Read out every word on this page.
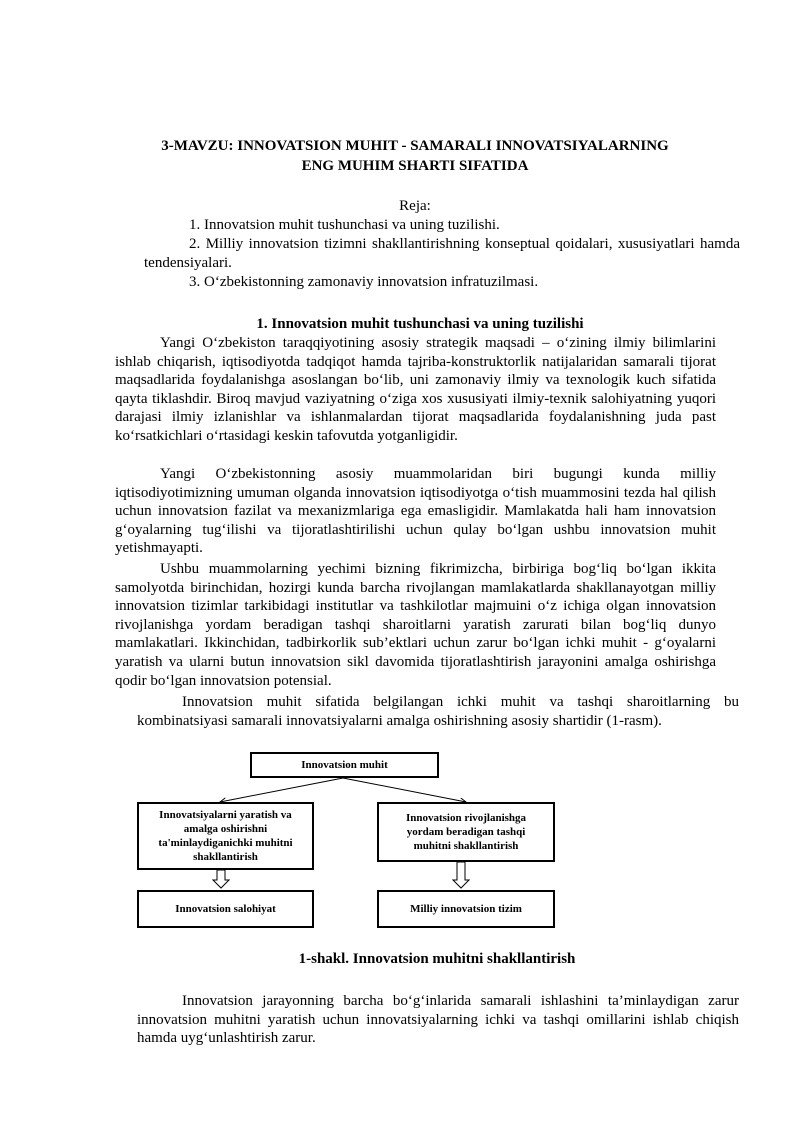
3-MAVZU: INNOVATSION MUHIT - SAMARALI INNOVATSIYALARNING
ENG MUHIM SHARTI SIFATIDA
Reja:
1. Innovatsion muhit tushunchasi va uning tuzilishi.
2. Milliy innovatsion tizimni shakllantirishning konseptual qoidalari, xususiyatlari hamda tendensiyalari.
3. O‘zbekistonning zamonaviy innovatsion infratuzilmasi.
1. Innovatsion muhit tushunchasi va uning tuzilishi

Yangi O‘zbekiston taraqqiyotining asosiy strategik maqsadi – o‘zining ilmiy bilimlarini ishlab chiqarish, iqtisodiyotda tadqiqot hamda tajriba-konstruktorlik natijalaridan samarali tijorat maqsadlarida foydalanishga asoslangan bo‘lib, uni zamonaviy ilmiy va texnologik kuch sifatida qayta tiklashdir. Biroq mavjud vaziyatning o‘ziga xos xususiyati ilmiy-texnik salohiyatning yuqori darajasi ilmiy izlanishlar va ishlanmalardan tijorat maqsadlarida foydalanishning juda past ko‘rsatkichlari o‘rtasidagi keskin tafovutda yotganligidir.

Yangi O‘zbekistonning asosiy muammolaridan biri bugungi kunda milliy iqtisodiyotimizning umuman olganda innovatsion iqtisodiyotga o‘tish muammosini tezda hal qilish uchun innovatsion fazilat va mexanizmlariga ega emasligidir. Mamlakatda hali ham innovatsion g‘oyalarning tug‘ilishi va tijoratlashtirilishi uchun qulay bo‘lgan ushbu innovatsion muhit yetishmayapti.

Ushbu muammolarning yechimi bizning fikrimizcha, birbiriga bog‘liq bo‘lgan ikkita samolyotda birinchidan, hozirgi kunda barcha rivojlangan mamlakatlarda shakllanayotgan milliy innovatsion tizimlar tarkibidagi institutlar va tashkilotlar majmuini o‘z ichiga olgan innovatsion rivojlanishga yordam beradigan tashqi sharoitlarni yaratish zarurati bilan bog‘liq dunyo mamlakatlari. Ikkinchidan, tadbirkorlik sub’ektlari uchun zarur bo‘lgan ichki muhit - g‘oyalarni yaratish va ularni butun innovatsion sikl davomida tijoratlashtirish jarayonini amalga oshirishga qodir bo‘lgan innovatsion potensial.

Innovatsion muhit sifatida belgilangan ichki muhit va tashqi sharoitlarning bu kombinatsiyasi samarali innovatsiyalarni amalga oshirishning asosiy shartidir (1-rasm).

Innovatsion muhit
Innovatsiyalarni yaratish va amalga oshirishni ta'minlaydiganichki muhitni shakllantirish
Innovatsion rivojlanishga yordam beradigan tashqi muhitni shakllantirish
Innovatsion salohiyat	Milliy innovatsion tizim
1-shakl. Innovatsion muhitni shakllantirish

Innovatsion jarayonning barcha bo‘g‘inlarida samarali ishlashini ta’minlaydigan zarur innovatsion muhitni yaratish uchun innovatsiyalarning ichki va tashqi omillarini ishlab chiqish hamda uyg‘unlashtirish zarur.
